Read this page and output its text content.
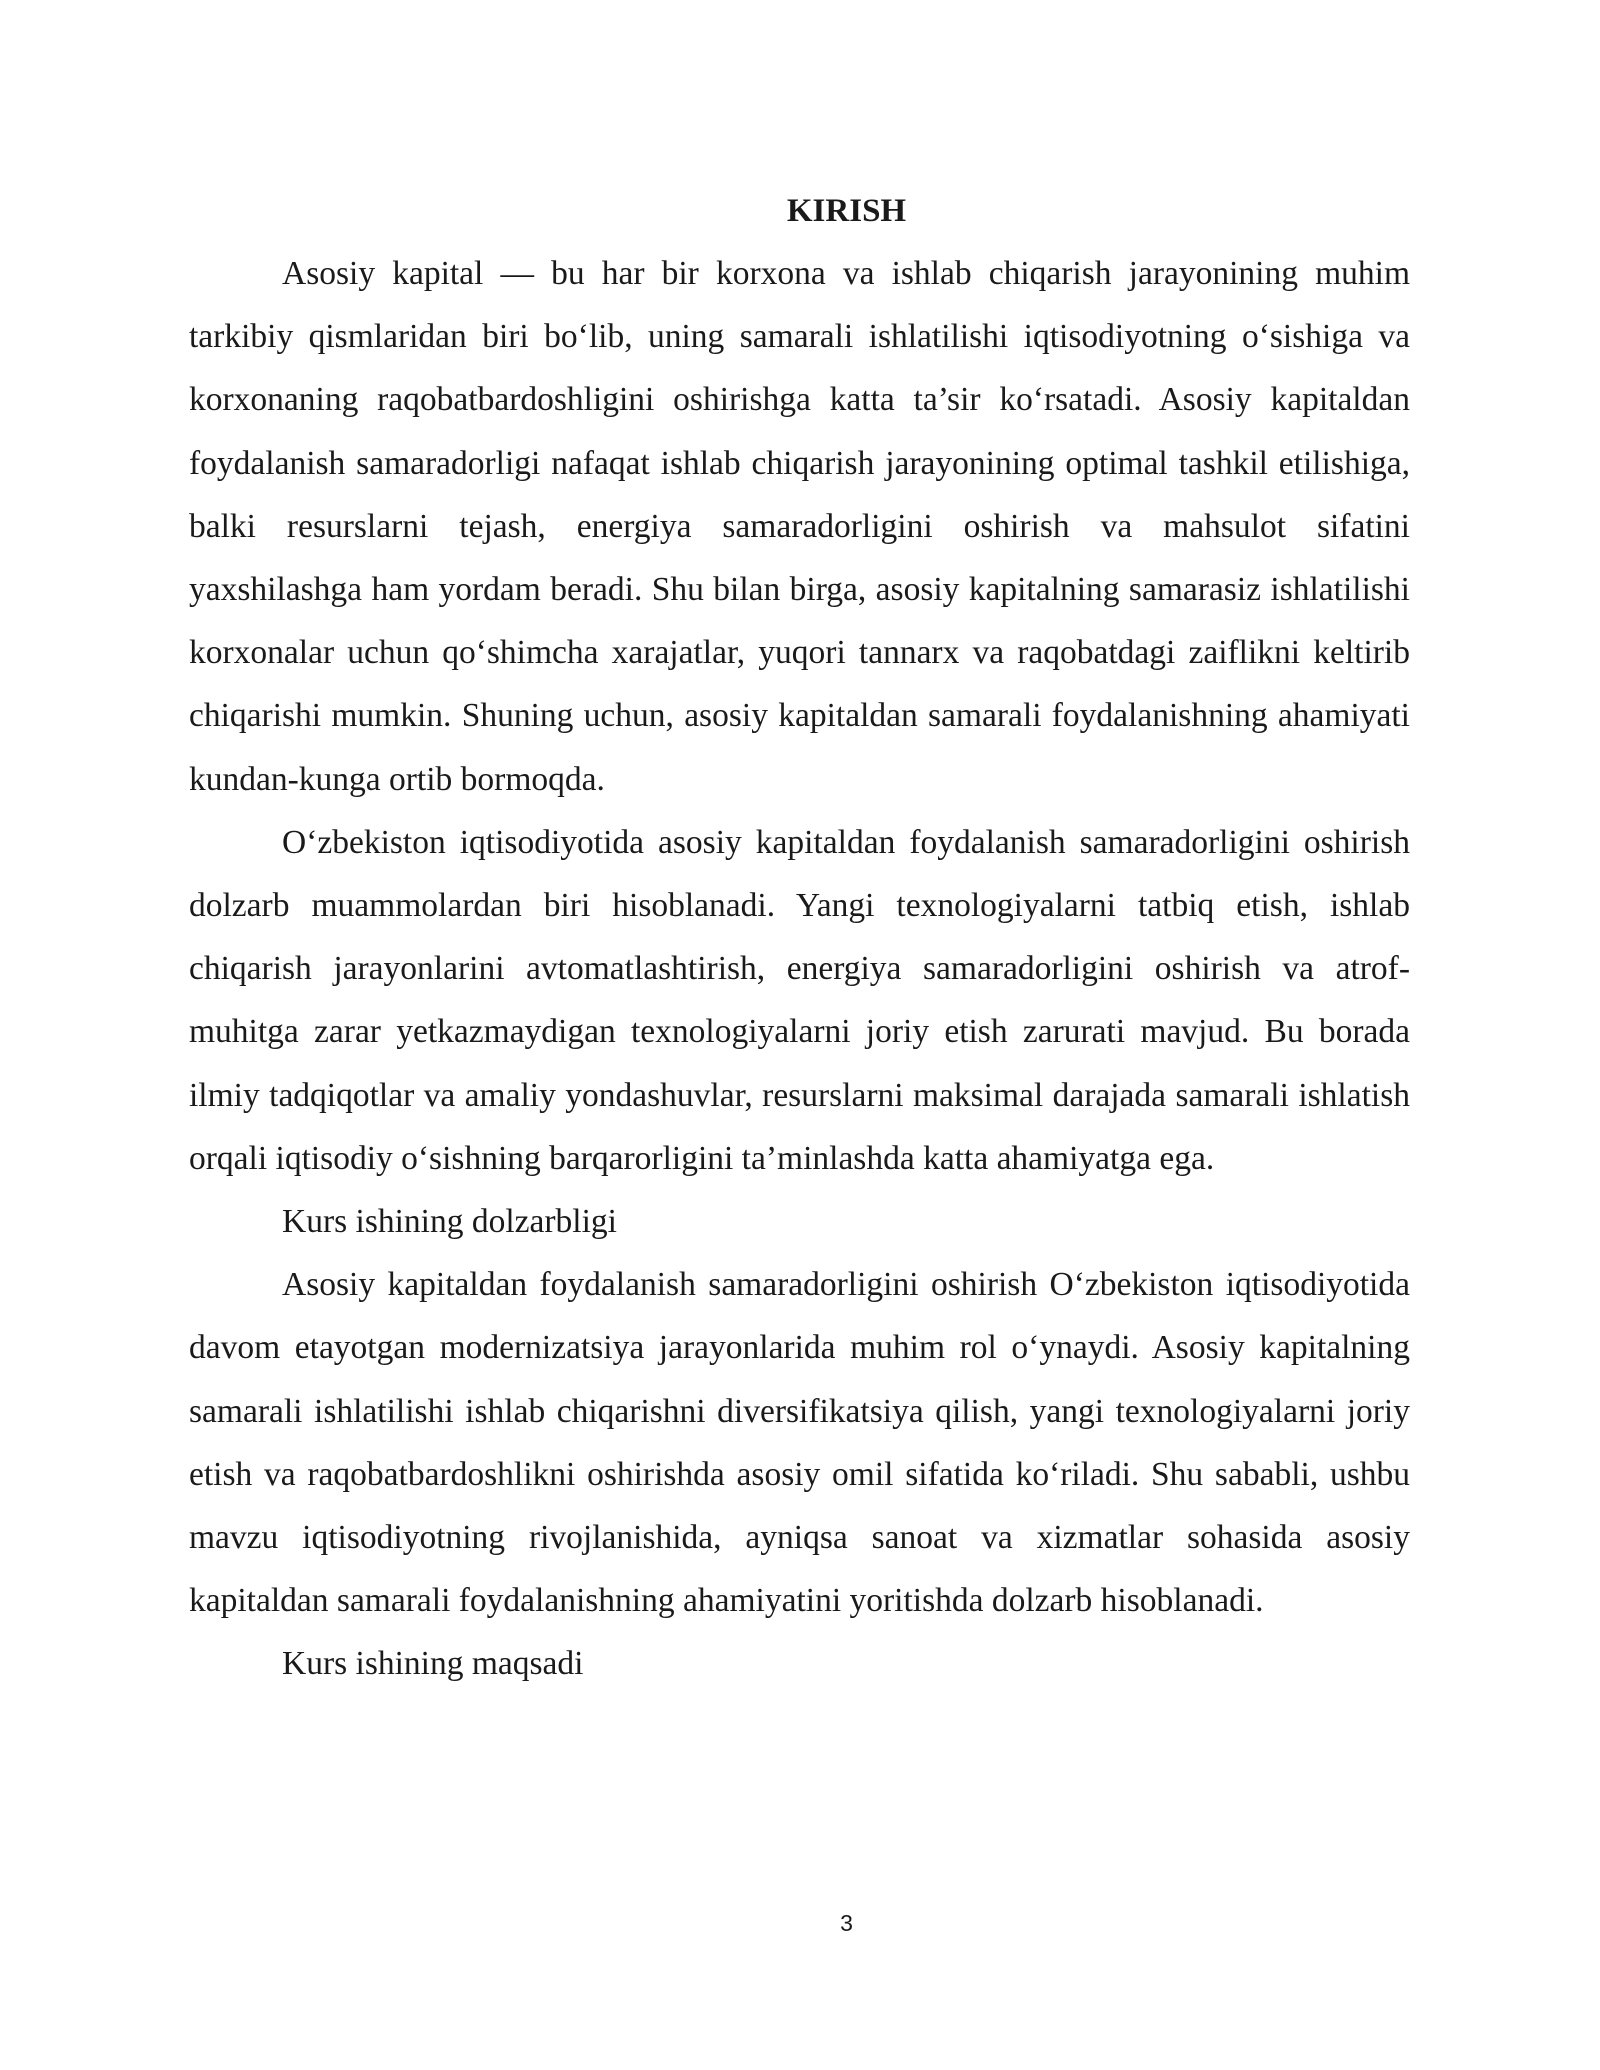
KIRISH

Asosiy kapital — bu har bir korxona va ishlab chiqarish jarayonining muhim tarkibiy qismlaridan biri bo‘lib, uning samarali ishlatilishi iqtisodiyotning o‘sishiga va korxonaning raqobatbardoshligini oshirishga katta ta’sir ko‘rsatadi. Asosiy kapitaldan foydalanish samaradorligi nafaqat ishlab chiqarish jarayonining optimal tashkil etilishiga, balki resurslarni tejash, energiya samaradorligini oshirish va mahsulot sifatini yaxshilashga ham yordam beradi. Shu bilan birga, asosiy kapitalning samarasiz ishlatilishi korxonalar uchun qo‘shimcha xarajatlar, yuqori tannarx va raqobatdagi zaiflikni keltirib chiqarishi mumkin. Shuning uchun, asosiy kapitaldan samarali foydalanishning ahamiyati kundan-kunga ortib bormoqda.

O‘zbekiston iqtisodiyotida asosiy kapitaldan foydalanish samaradorligini oshirish dolzarb muammolardan biri hisoblanadi. Yangi texnologiyalarni tatbiq etish, ishlab chiqarish jarayonlarini avtomatlashtirish, energiya samaradorligini oshirish va atrof-muhitga zarar yetkazmaydigan texnologiyalarni joriy etish zarurati mavjud. Bu borada ilmiy tadqiqotlar va amaliy yondashuvlar, resurslarni maksimal darajada samarali ishlatish orqali iqtisodiy o‘sishning barqarorligini ta’minlashda katta ahamiyatga ega.

Kurs ishining dolzarbligi

Asosiy kapitaldan foydalanish samaradorligini oshirish O‘zbekiston iqtisodiyotida davom etayotgan modernizatsiya jarayonlarida muhim rol o‘ynaydi. Asosiy kapitalning samarali ishlatilishi ishlab chiqarishni diversifikatsiya qilish, yangi texnologiyalarni joriy etish va raqobatbardoshlikni oshirishda asosiy omil sifatida ko‘riladi. Shu sababli, ushbu mavzu iqtisodiyotning rivojlanishida, ayniqsa sanoat va xizmatlar sohasida asosiy kapitaldan samarali foydalanishning ahamiyatini yoritishda dolzarb hisoblanadi.

Kurs ishining maqsadi

3
